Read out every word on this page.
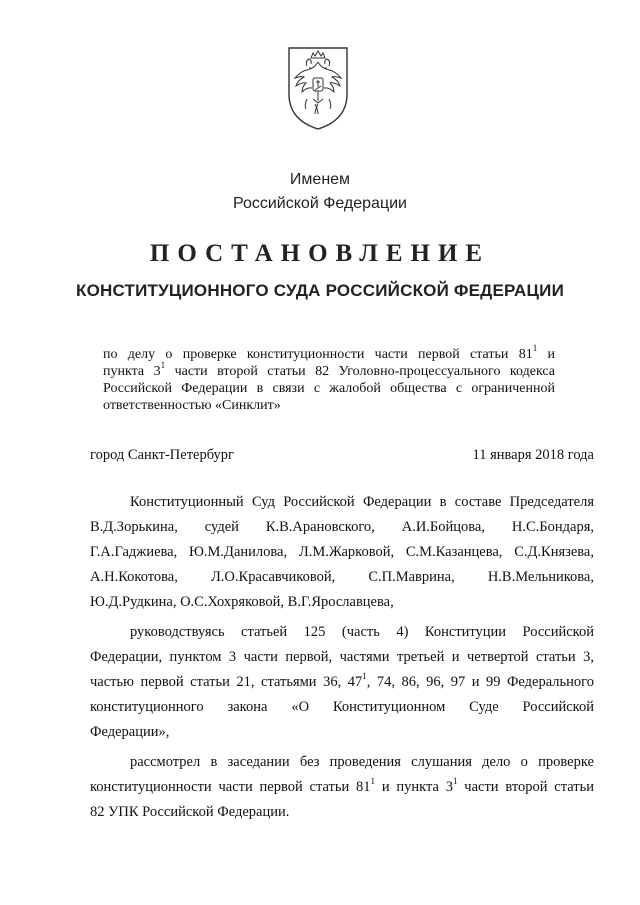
Именем
Российской Федерации
ПОСТАНОВЛЕНИЕ
КОНСТИТУЦИОННОГО СУДА РОССИЙСКОЙ ФЕДЕРАЦИИ
по делу о проверке конституционности части первой статьи $81^1$ и
пункта $3^1$ части второй статьи 82 Уголовно-процессуального кодекса
Российской Федерации в связи с жалобой общества с ограниченной
ответственностью «Синклит»
город Санкт-Петербург	11 января 2018 года
Конституционный Суд Российской Федерации в составе Председателя
В.Д.Зорькина, судей К.В.Арановского, А.И.Бойцова, Н.С.Бондаря,
Г.А.Гаджиева, Ю.М.Данилова, Л.М.Жарковой, С.М.Казанцева, С.Д.Князева,
А.Н.Кокотова, Л.О.Красавчиковой, С.П.Маврина, Н.В.Мельникова,
Ю.Д.Рудкина, О.С.Хохряковой, В.Г.Ярославцева,
руководствуясь статьей 125 (часть 4) Конституции Российской
Федерации, пунктом 3 части первой, частями третьей и четвертой статьи 3,
частью первой статьи 21, статьями 36, $47^1$, 74, 86, 96, 97 и 99 Федерального
конституционного закона «О Конституционном Суде Российской
Федерации»,
рассмотрел в заседании без проведения слушания дело о проверке
конституционности части первой статьи $81^1$ и пункта $3^1$ части второй статьи
82 УПК Российской Федерации.
